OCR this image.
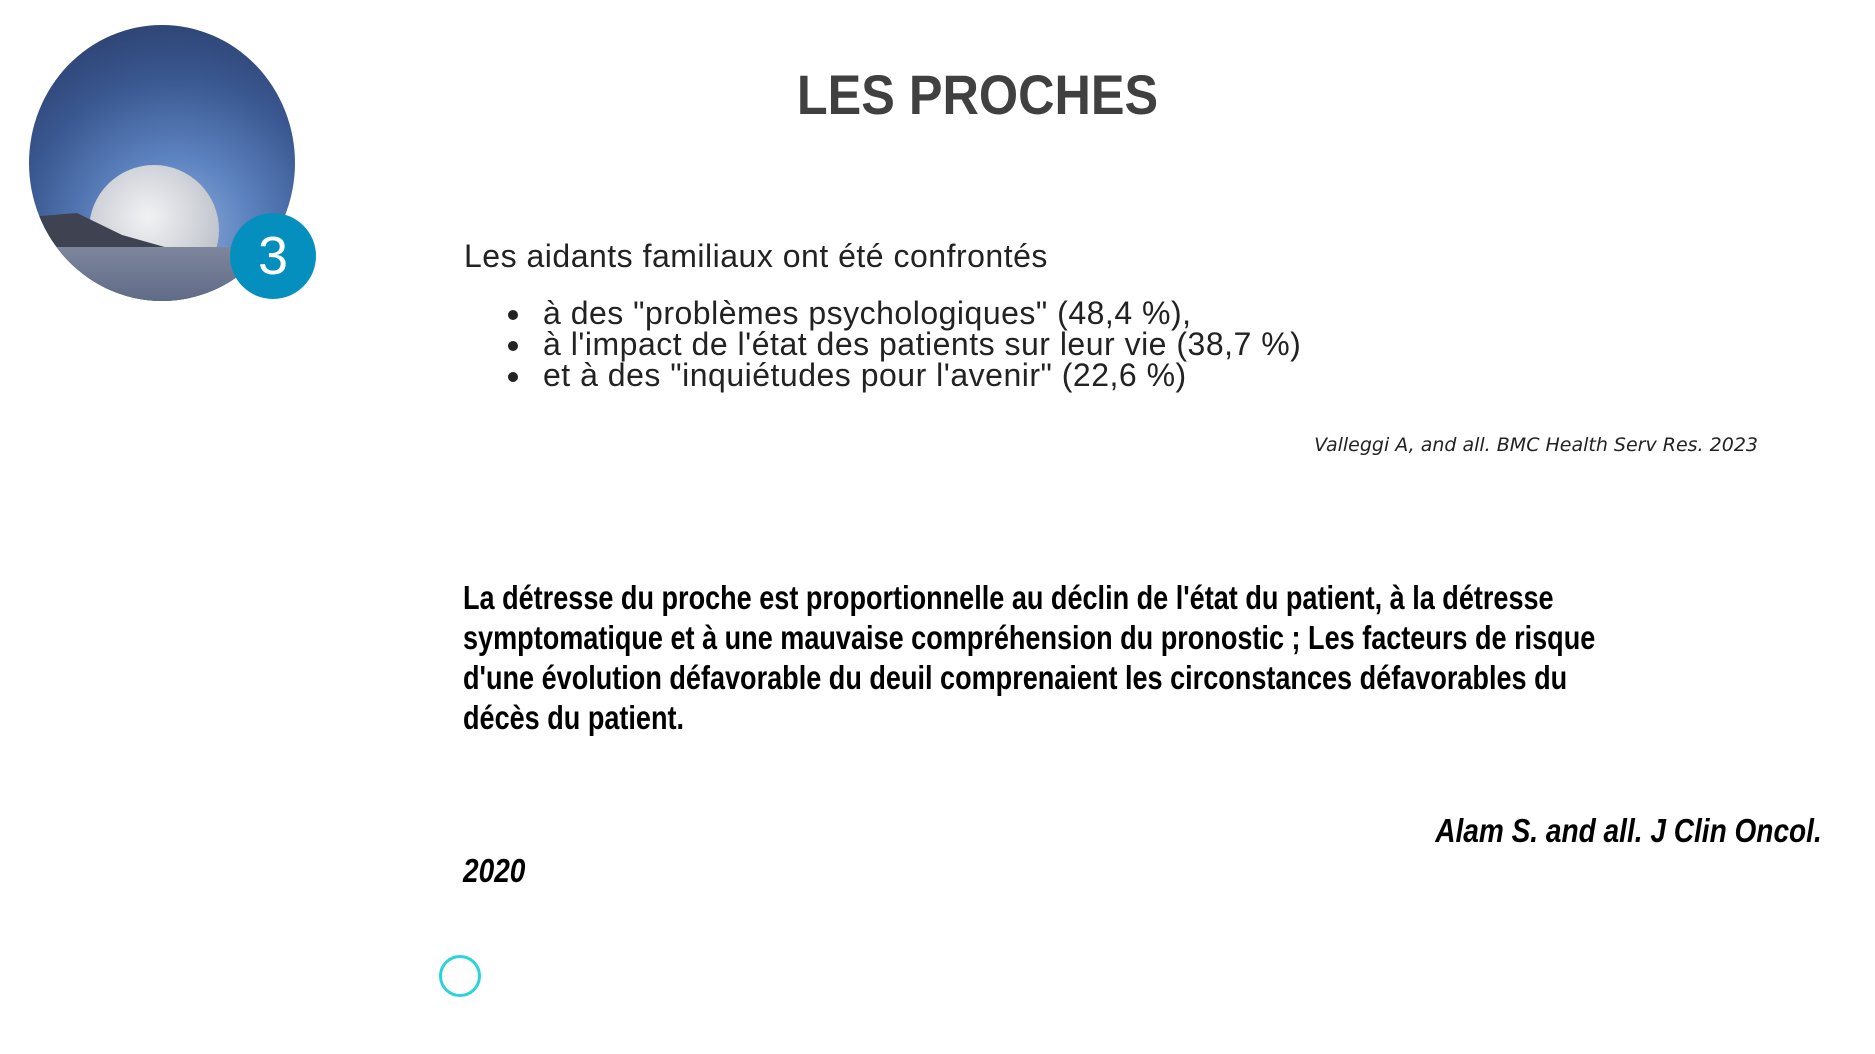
3
LES PROCHES
Les aidants familiaux ont été confrontés
à des "problèmes psychologiques" (48,4 %),
à l'impact de l'état des patients sur leur vie (38,7 %)
et à des "inquiétudes pour l'avenir" (22,6 %)
Valleggi A, and all. BMC Health Serv Res. 2023
La détresse du proche est proportionnelle au déclin de l'état du patient, à la détresse
symptomatique et à une mauvaise compréhension du pronostic ; Les facteurs de risque
d'une évolution défavorable du deuil comprenaient les circonstances défavorables du
décès du patient.
Alam S. and all. J Clin Oncol.
2020
